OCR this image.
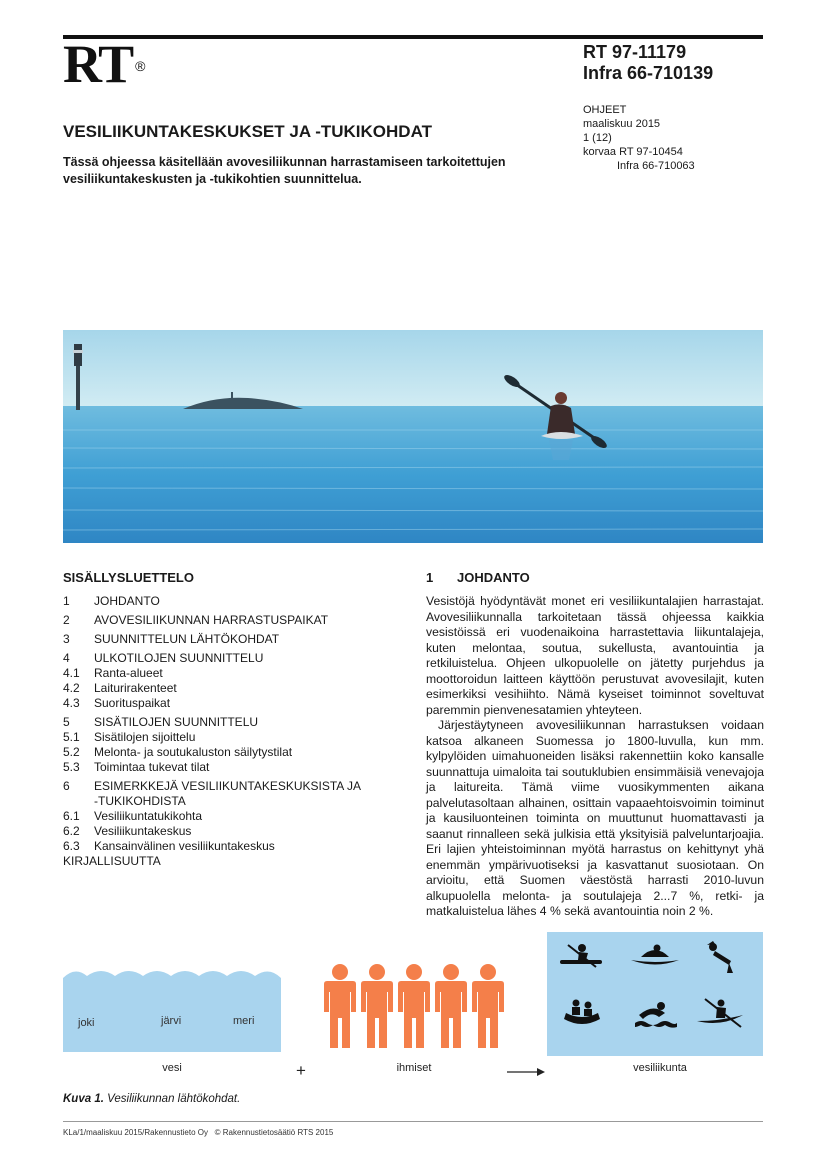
RT ®
RT 97-11179
Infra 66-710139
OHJEET
maaliskuu 2015
1 (12)
korvaa RT 97-10454
Infra 66-710063
VESILIIKUNTAKESKUKSET JA -TUKIKOHDAT
Tässä ohjeessa käsitellään avovesiliikunnan harrastamiseen tarkoitettujen vesiliikuntakeskusten ja -tukikohtien suunnittelua.
SISÄLLYSLUETTELO
1	JOHDANTO
2	AVOVESILIIKUNNAN HARRASTUSPAIKAT
3	SUUNNITTELUN LÄHTÖKOHDAT
4	ULKOTILOJEN SUUNNITTELU
4.1	Ranta-alueet
4.2	Laiturirakenteet
4.3	Suorituspaikat
5	SISÄTILOJEN SUUNNITTELU
5.1	Sisätilojen sijoittelu
5.2	Melonta- ja soutukaluston säilytystilat
5.3	Toimintaa tukevat tilat
6	ESIMERKKEJÄ VESILIIKUNTAKESKUKSISTA JA -TUKIKOHDISTA
6.1	Vesiliikuntatukikohta
6.2	Vesiliikuntakeskus
6.3	Kansainvälinen vesiliikuntakeskus
KIRJALLISUUTTA
1	JOHDANTO

Vesistöjä hyödyntävät monet eri vesiliikuntalajien harrastajat. Avovesiliikunnalla tarkoitetaan tässä ohjeessa kaikkia vesistöissä eri vuodenaikoina harrastettavia liikuntalajeja, kuten melontaa, soutua, sukellusta, avantouintia ja retkiluistelua. Ohjeen ulkopuolelle on jätetty purjehdus ja moottoroidun laitteen käyttöön perustuvat avovesilajit, kuten esimerkiksi vesihiihto. Nämä kyseiset toiminnot soveltuvat paremmin pienvenesatamien yhteyteen.

Järjestäytyneen avovesiliikunnan harrastuksen voidaan katsoa alkaneen Suomessa jo 1800-luvulla, kun mm. kylpylöiden uimahuoneiden lisäksi rakennettiin koko kansalle suunnattuja uimaloita tai soutuklubien ensimmäisiä venevajoja ja laitureita. Tämä viime vuosikymmenten aikana palvelutasoltaan alhainen, osittain vapaaehtoisvoimin toiminut ja kausiluonteinen toiminta on muuttunut huomattavasti ja saanut rinnalleen sekä julkisia että yksityisiä palveluntarjoajia. Eri lajien yhteistoiminnan myötä harrastus on kehittynyt yhä enemmän ympärivuotiseksi ja kasvattanut suosiotaan. On arvioitu, että Suomen väestöstä harrasti 2010-luvun alkupuolella melonta- ja soutulajeja 2...7 %, retki- ja matkaluistelua lähes 4 % sekä avantouintia noin 2 %.

joki	järvi	meri
vesi	+	ihmiset	vesiliikunta
Kuva 1. Vesiliikunnan lähtökohdat.
KLa/1/maaliskuu 2015/Rakennustieto Oy   © Rakennustietosäätiö RTS 2015
